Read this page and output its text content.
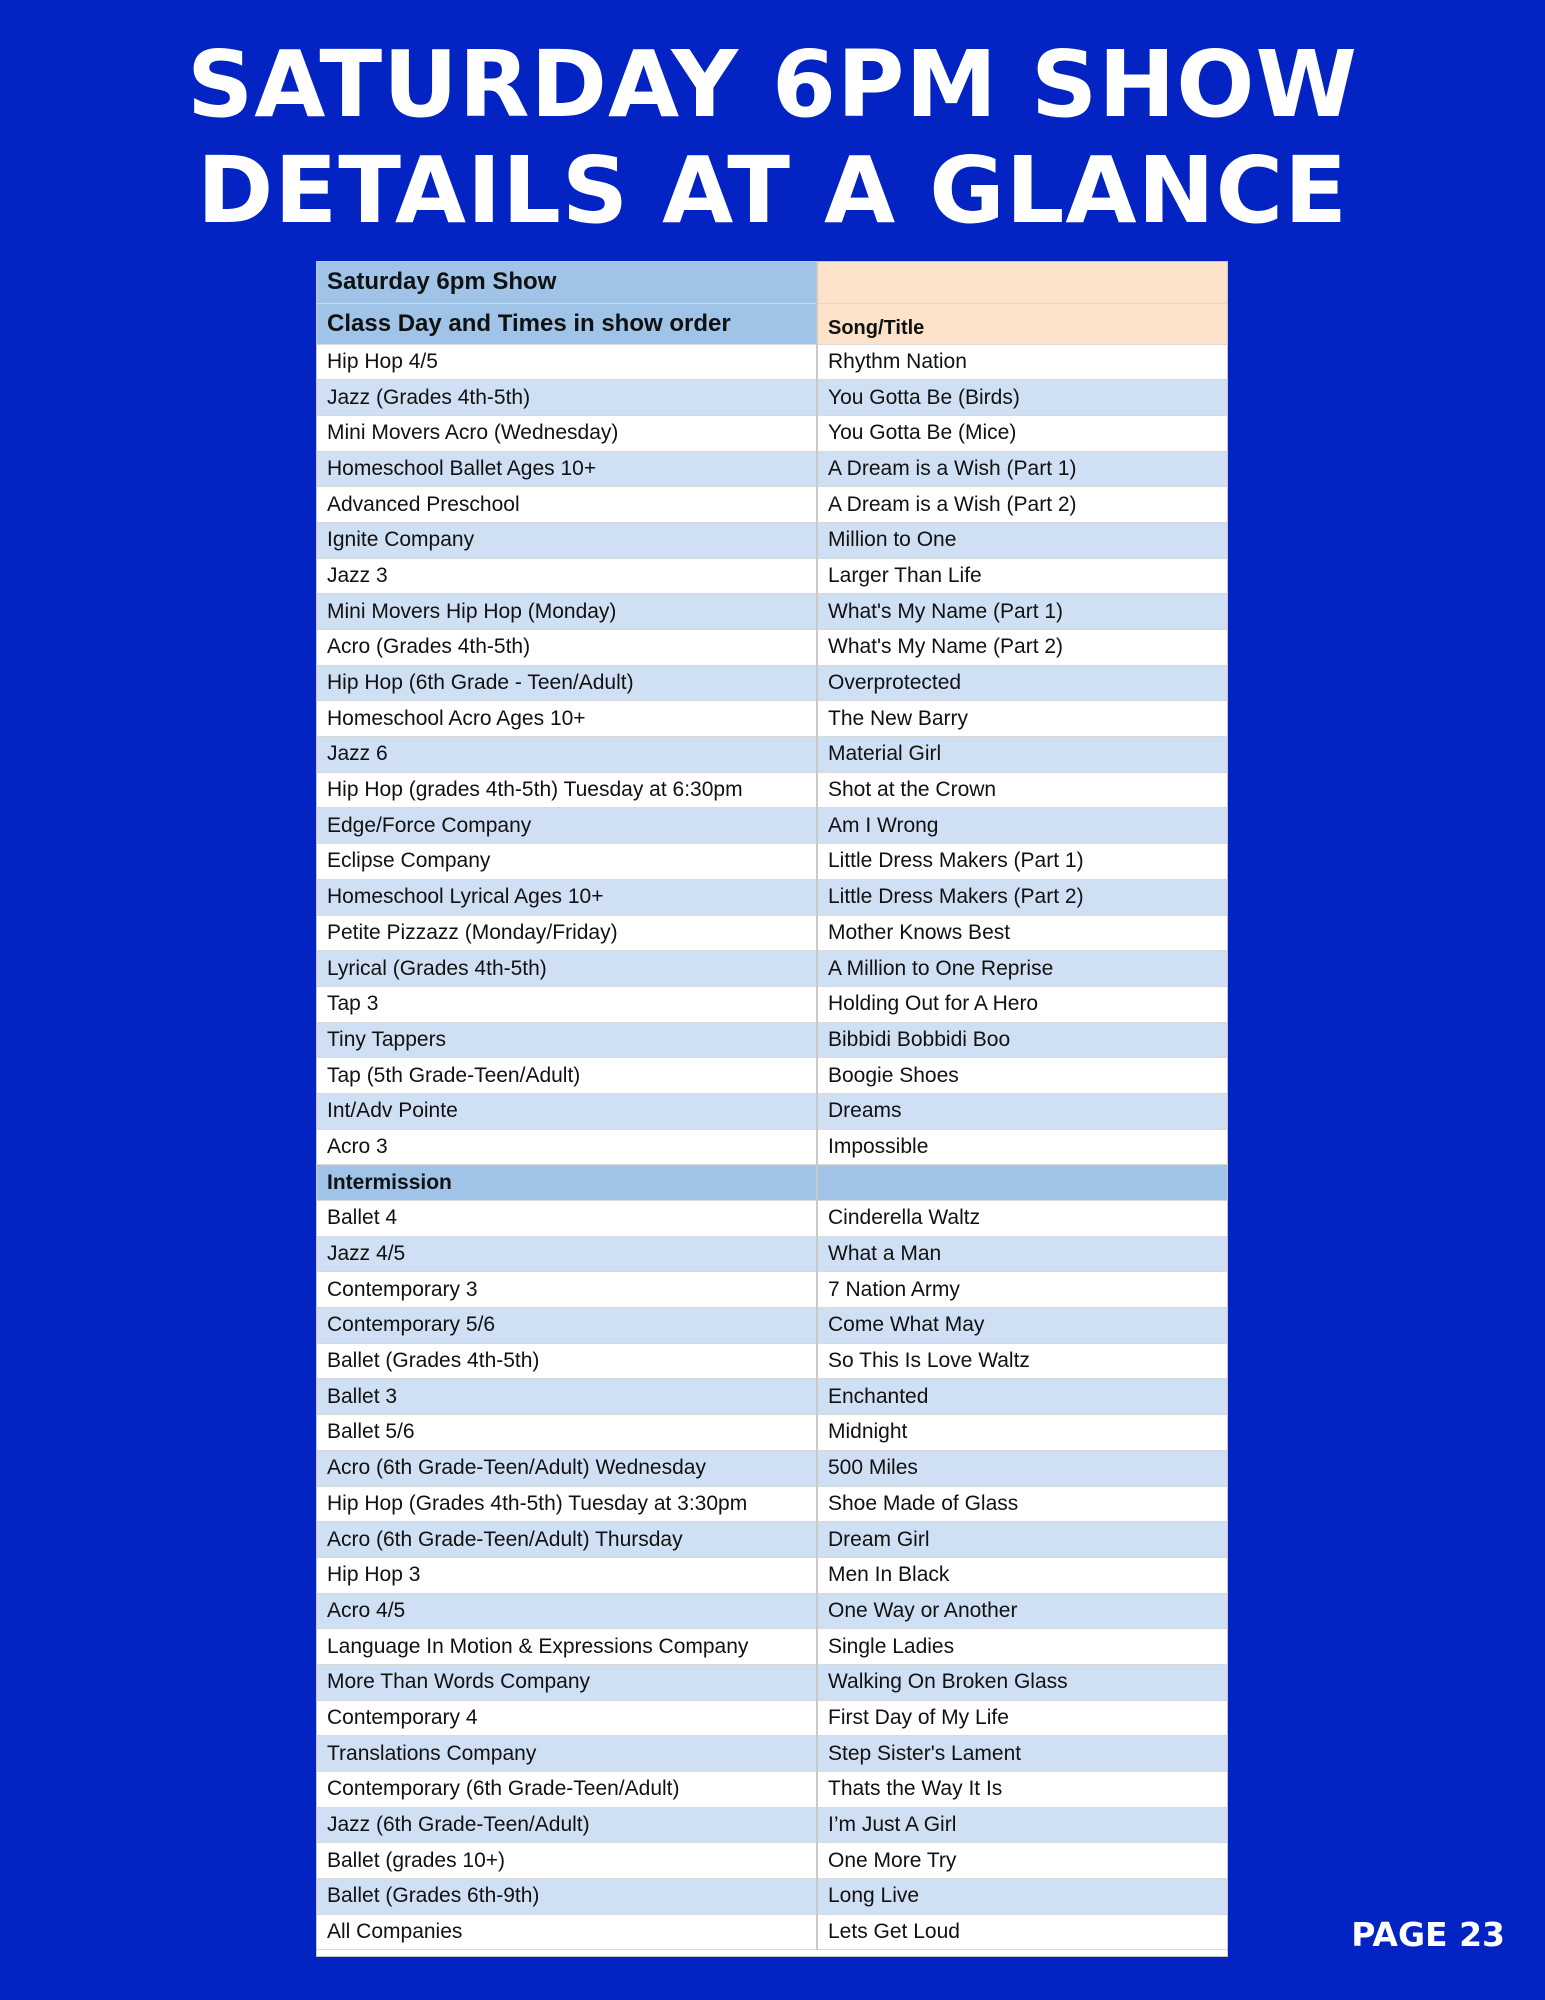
SATURDAY 6PM SHOW
DETAILS AT A GLANCE
Saturday 6pm Show	
Class Day and Times in show order	Song/Title
Hip Hop 4/5	Rhythm Nation
Jazz (Grades 4th-5th)	You Gotta Be (Birds)
Mini Movers Acro (Wednesday)	You Gotta Be (Mice)
Homeschool Ballet Ages 10+	A Dream is a Wish (Part 1)
Advanced Preschool	A Dream is a Wish (Part 2)
Ignite Company	Million to One
Jazz 3	Larger Than Life
Mini Movers Hip Hop (Monday)	What's My Name (Part 1)
Acro (Grades 4th-5th)	What's My Name (Part 2)
Hip Hop (6th Grade - Teen/Adult)	Overprotected
Homeschool Acro Ages 10+	The New Barry
Jazz 6	Material Girl
Hip Hop (grades 4th-5th) Tuesday at 6:30pm	Shot at the Crown
Edge/Force Company	Am I Wrong
Eclipse Company	Little Dress Makers (Part 1)
Homeschool Lyrical Ages 10+	Little Dress Makers (Part 2)
Petite Pizzazz (Monday/Friday)	Mother Knows Best
Lyrical (Grades 4th-5th)	A Million to One Reprise
Tap 3	Holding Out for A Hero
Tiny Tappers	Bibbidi Bobbidi Boo
Tap (5th Grade-Teen/Adult)	Boogie Shoes
Int/Adv Pointe	Dreams
Acro 3	Impossible
Intermission	
Ballet 4	Cinderella Waltz
Jazz 4/5	What a Man
Contemporary 3	7 Nation Army
Contemporary 5/6	Come What May
Ballet (Grades 4th-5th)	So This Is Love Waltz
Ballet 3	Enchanted
Ballet 5/6	Midnight
Acro (6th Grade-Teen/Adult) Wednesday	500 Miles
Hip Hop (Grades 4th-5th) Tuesday at 3:30pm	Shoe Made of Glass
Acro (6th Grade-Teen/Adult) Thursday	Dream Girl
Hip Hop 3	Men In Black
Acro 4/5	One Way or Another
Language In Motion & Expressions Company	Single Ladies
More Than Words Company	Walking On Broken Glass
Contemporary 4	First Day of My Life
Translations Company	Step Sister's Lament
Contemporary (6th Grade-Teen/Adult)	Thats the Way It Is
Jazz (6th Grade-Teen/Adult)	I’m Just A Girl
Ballet (grades 10+)	One More Try
Ballet (Grades 6th-9th)	Long Live
All Companies	Lets Get Loud	PAGE 23
